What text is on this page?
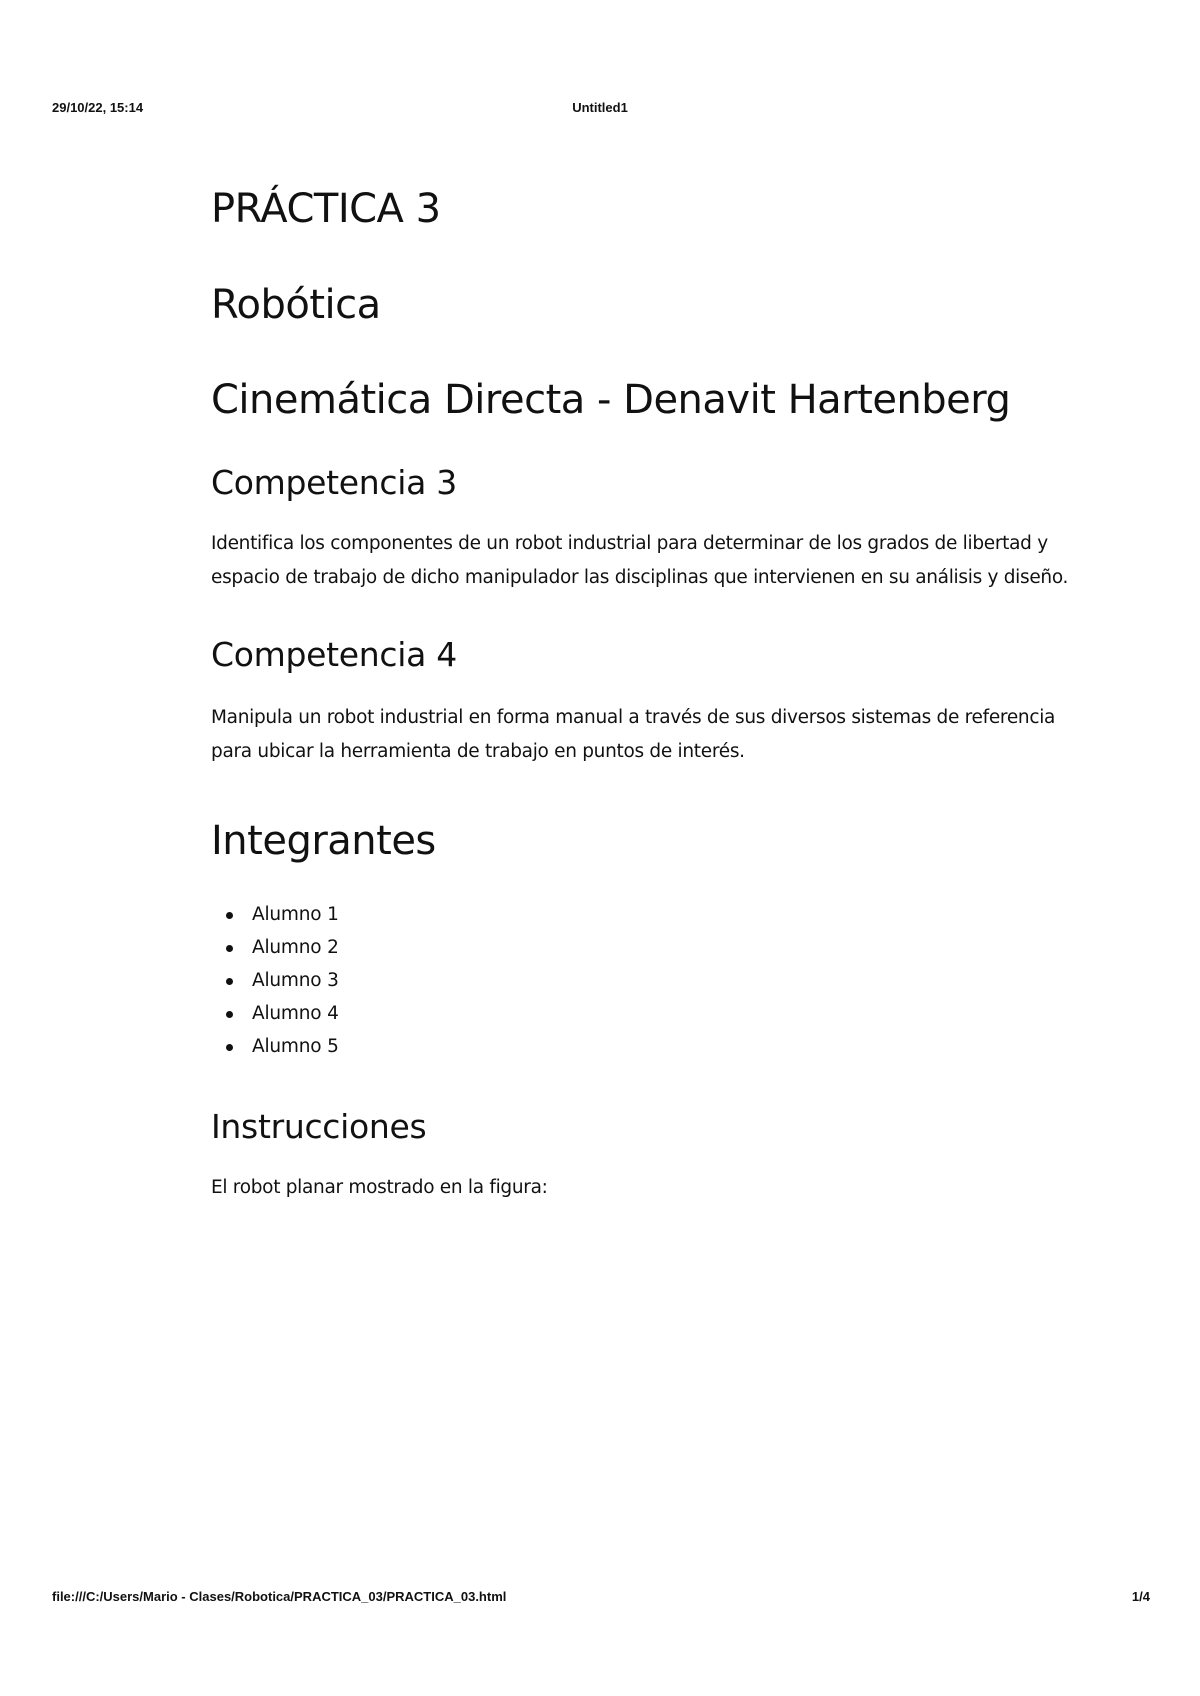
29/10/22, 15:14	Untitled1
PRÁCTICA 3
Robótica
Cinemática Directa - Denavit Hartenberg
Competencia 3

Identifica los componentes de un robot industrial para determinar de los grados de libertad y
espacio de trabajo de dicho manipulador las disciplinas que intervienen en su análisis y diseño.

Competencia 4

Manipula un robot industrial en forma manual a través de sus diversos sistemas de referencia
para ubicar la herramienta de trabajo en puntos de interés.

Integrantes
Alumno 1
Alumno 2
Alumno 3
Alumno 4
Alumno 5
Instrucciones

El robot planar mostrado en la figura:

file:///C:/Users/Mario - Clases/Robotica/PRACTICA_03/PRACTICA_03.html	1/4
